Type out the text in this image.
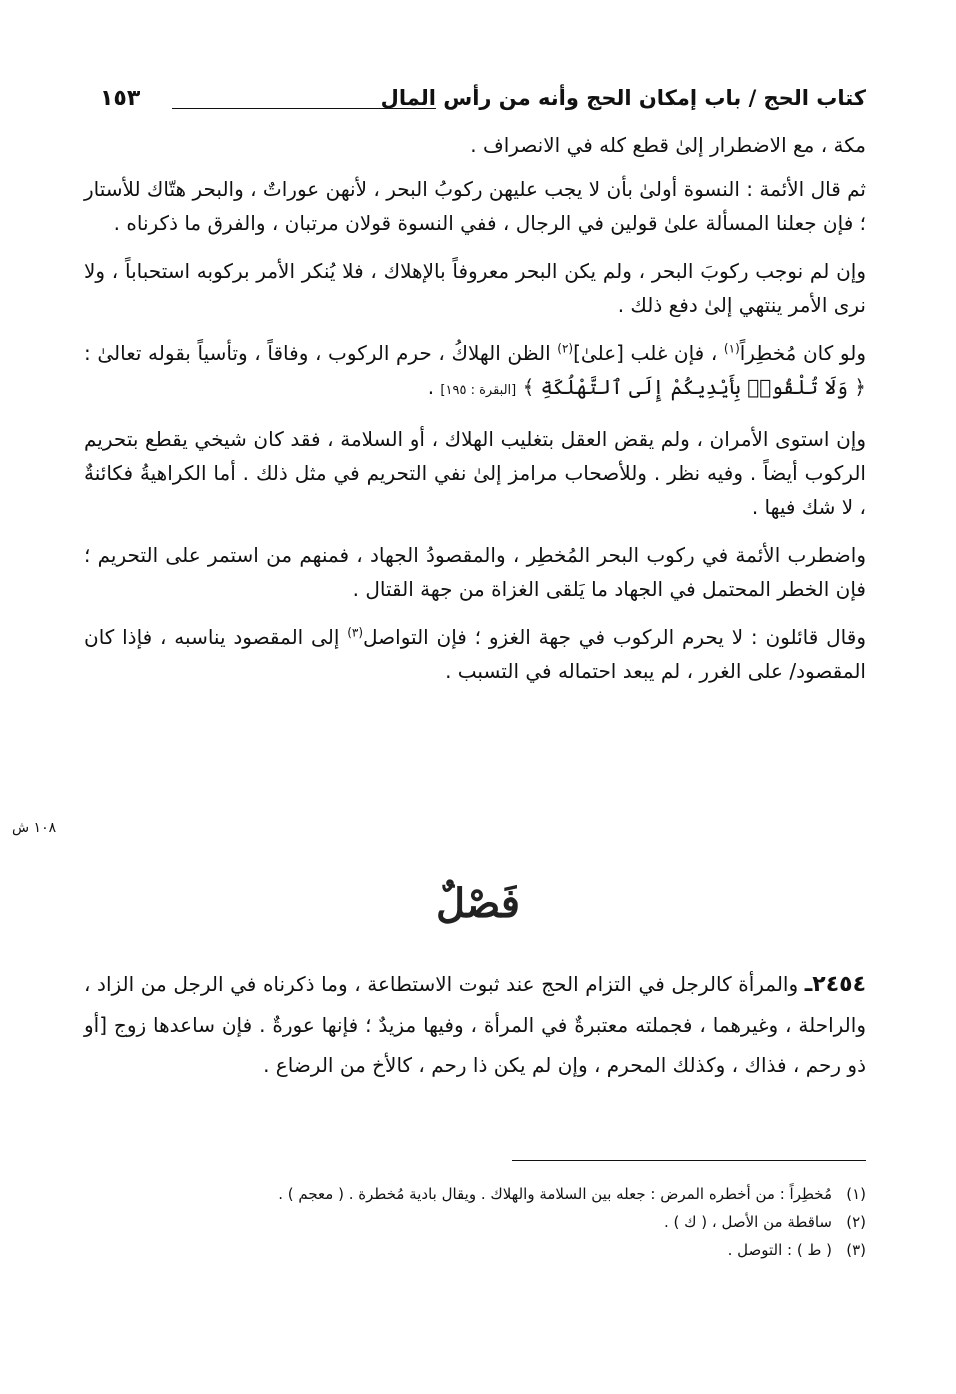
كتاب الحج / باب إمكان الحج وأنه من رأس المال
١٥٣

مكة ، مع الاضطرار إلىٰ قطع كله في الانصراف .

ثم قال الأئمة : النسوة أولىٰ بأن لا يجب عليهن ركوبُ البحر ، لأنهن عوراتٌ ، والبحر هتّاك للأستار ؛ فإن جعلنا المسألة علىٰ قولين في الرجال ، ففي النسوة قولان مرتبان ، والفرق ما ذكرناه .

وإن لم نوجب ركوبَ البحر ، ولم يكن البحر معروفاً بالإهلاك ، فلا يُنكر الأمر بركوبه استحباباً ، ولا نرى الأمر ينتهي إلىٰ دفع ذلك .

ولو كان مُخطِراً$^{(١)}$ ، فإن غلب [علىٰ]$^{(٢)}$ الظن الهلاكُ ، حرم الركوب ، وفاقاً ، وتأسياً بقوله تعالىٰ : ﴿ وَلَا تُلْقُوا۟ بِأَيْدِيكُمْ إِلَى ٱلتَّهْلُكَةِ ﴾ [البقرة : ١٩٥] .

وإن استوى الأمران ، ولم يقض العقل بتغليب الهلاك ، أو السلامة ، فقد كان شيخي يقطع بتحريم الركوب أيضاً . وفيه نظر . وللأصحاب مرامز إلىٰ نفي التحريم في مثل ذلك . أما الكراهيةُ فكائنةٌ ، لا شك فيها .

واضطرب الأئمة في ركوب البحر المُخطِر ، والمقصودُ الجهاد ، فمنهم من استمر على التحريم ؛ فإن الخطر المحتمل في الجهاد ما يَلقى الغزاة من جهة القتال .

وقال قائلون : لا يحرم الركوب في جهة الغزو ؛ فإن التواصل$^{(٣)}$ إلى المقصود يناسبه ، فإذا كان المقصود/ على الغرر ، لم يبعد احتماله في التسبب .

١٠٨ ش
فَصْلٌ

٢٤٥٤ـ والمرأة كالرجل في التزام الحج عند ثبوت الاستطاعة ، وما ذكرناه في الرجل من الزاد ، والراحلة ، وغيرهما ، فجملته معتبرةٌ في المرأة ، وفيها مزيدٌ ؛ فإنها عورةٌ . فإن ساعدها زوج [أو ذو رحم ، فذاك ، وكذلك المحرم ، وإن لم يكن ذا رحم ، كالأخ من الرضاع .

(١)مُخطِراً : من أخطره المرض : جعله بين السلامة والهلاك . ويقال بادية مُخطرة . ( معجم ) .

(٢)ساقطة من الأصل ، ( ك ) .

(٣)( ط ) : التوصل .
